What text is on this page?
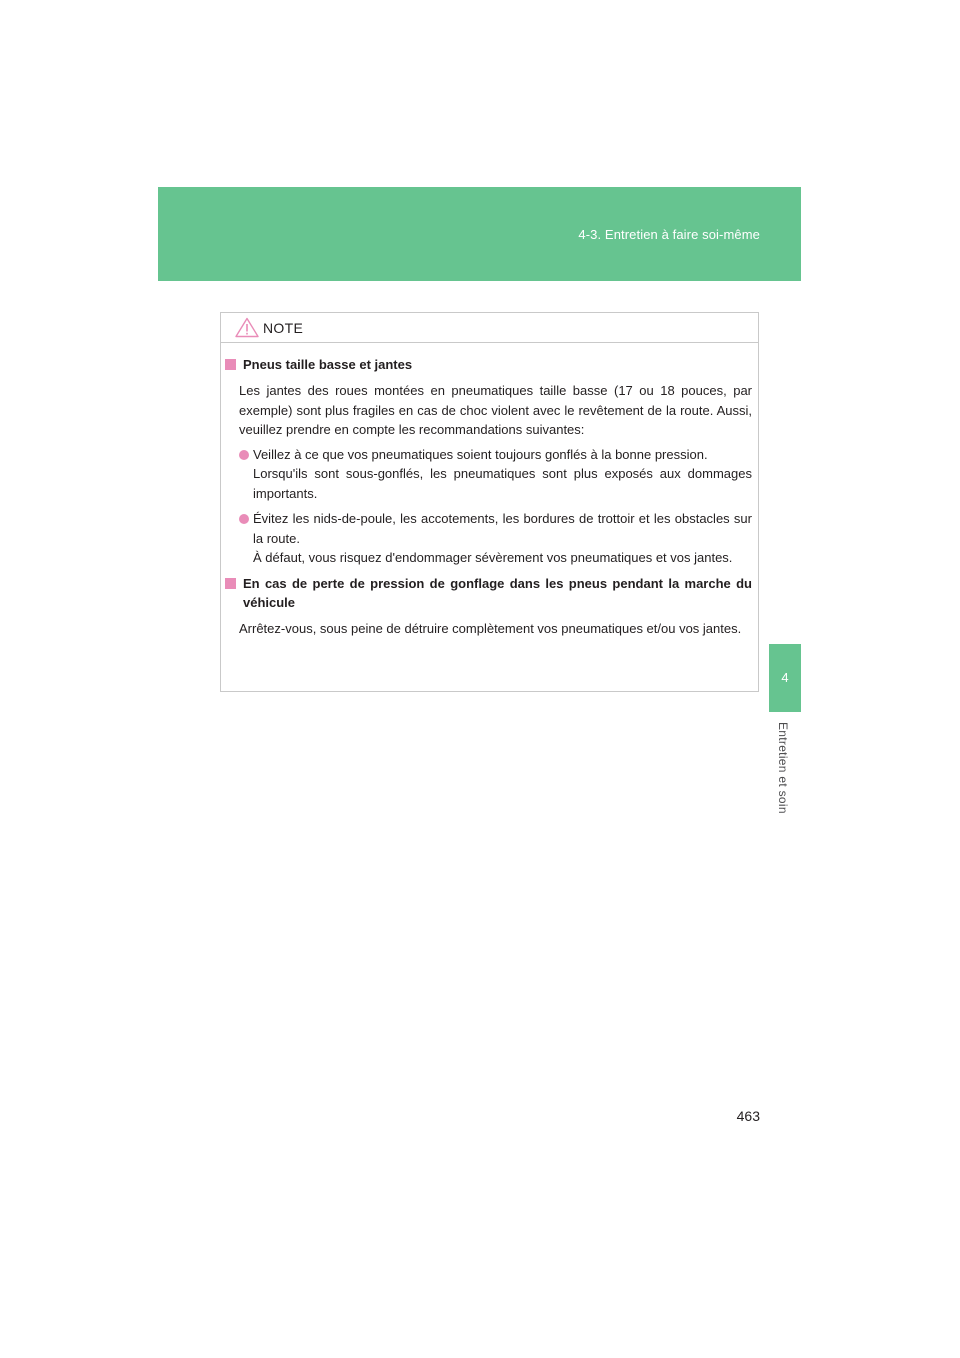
4-3. Entretien à faire soi-même
4
Entretien et soin
NOTE
Pneus taille basse et jantes
Les jantes des roues montées en pneumatiques taille basse (17 ou 18 pouces, par exemple) sont plus fragiles en cas de choc violent avec le revêtement de la route. Aussi, veuillez prendre en compte les recommandations suivantes:
Veillez à ce que vos pneumatiques soient toujours gonflés à la bonne pression.
Lorsqu'ils sont sous-gonflés, les pneumatiques sont plus exposés aux dommages importants.
Évitez les nids-de-poule, les accotements, les bordures de trottoir et les obstacles sur la route.
À défaut, vous risquez d'endommager sévèrement vos pneumatiques et vos jantes.
En cas de perte de pression de gonflage dans les pneus pendant la marche du véhicule
Arrêtez-vous, sous peine de détruire complètement vos pneumatiques et/ou vos jantes.
463
